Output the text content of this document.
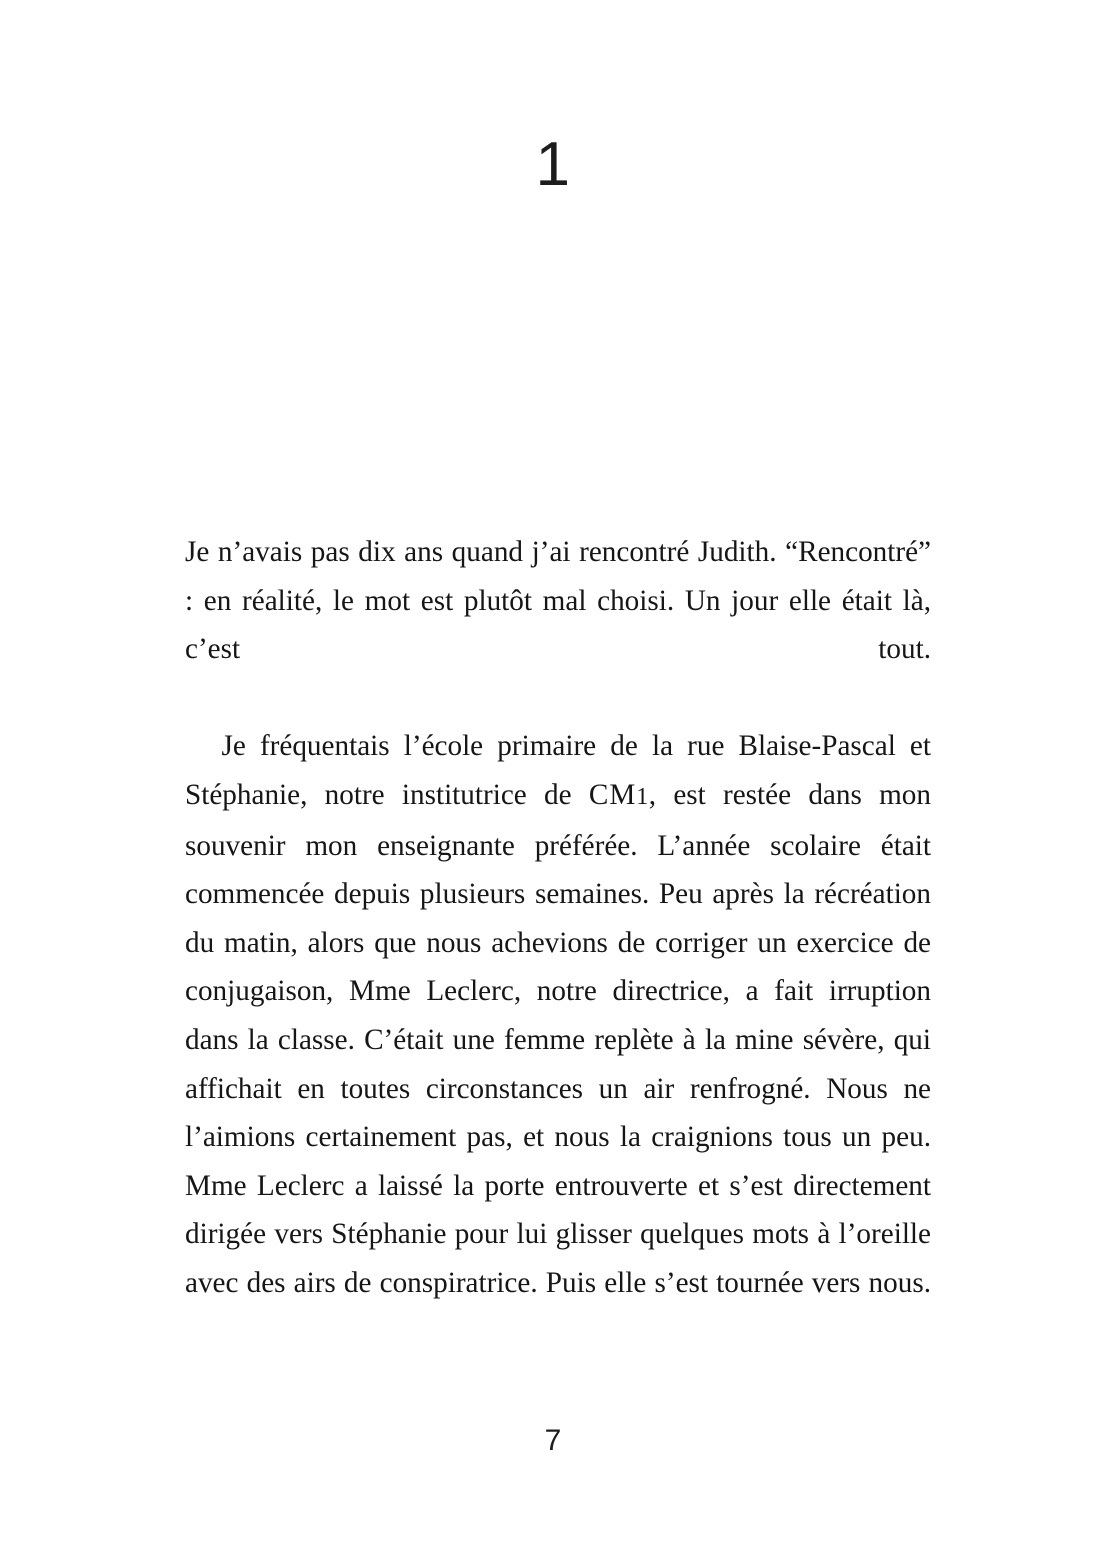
1

Je n’avais pas dix ans quand j’ai rencontré Judith. “Rencontré” : en réalité, le mot est plutôt mal choisi. Un jour elle était là, c’est tout.

Je fréquentais l’école primaire de la rue Blaise-Pascal et Stéphanie, notre institutrice de CM1, est restée dans mon souvenir mon enseignante préférée. L’année scolaire était commencée depuis plusieurs semaines. Peu après la récréation du matin, alors que nous achevions de corriger un exercice de conjugaison, Mme Leclerc, notre directrice, a fait irruption dans la classe. C’était une femme replète à la mine sévère, qui affichait en toutes circonstances un air renfrogné. Nous ne l’aimions certainement pas, et nous la craignions tous un peu. Mme Leclerc a laissé la porte entrouverte et s’est directement dirigée vers Stéphanie pour lui glisser quelques mots à l’oreille avec des airs de conspiratrice. Puis elle s’est tournée vers nous.

7
